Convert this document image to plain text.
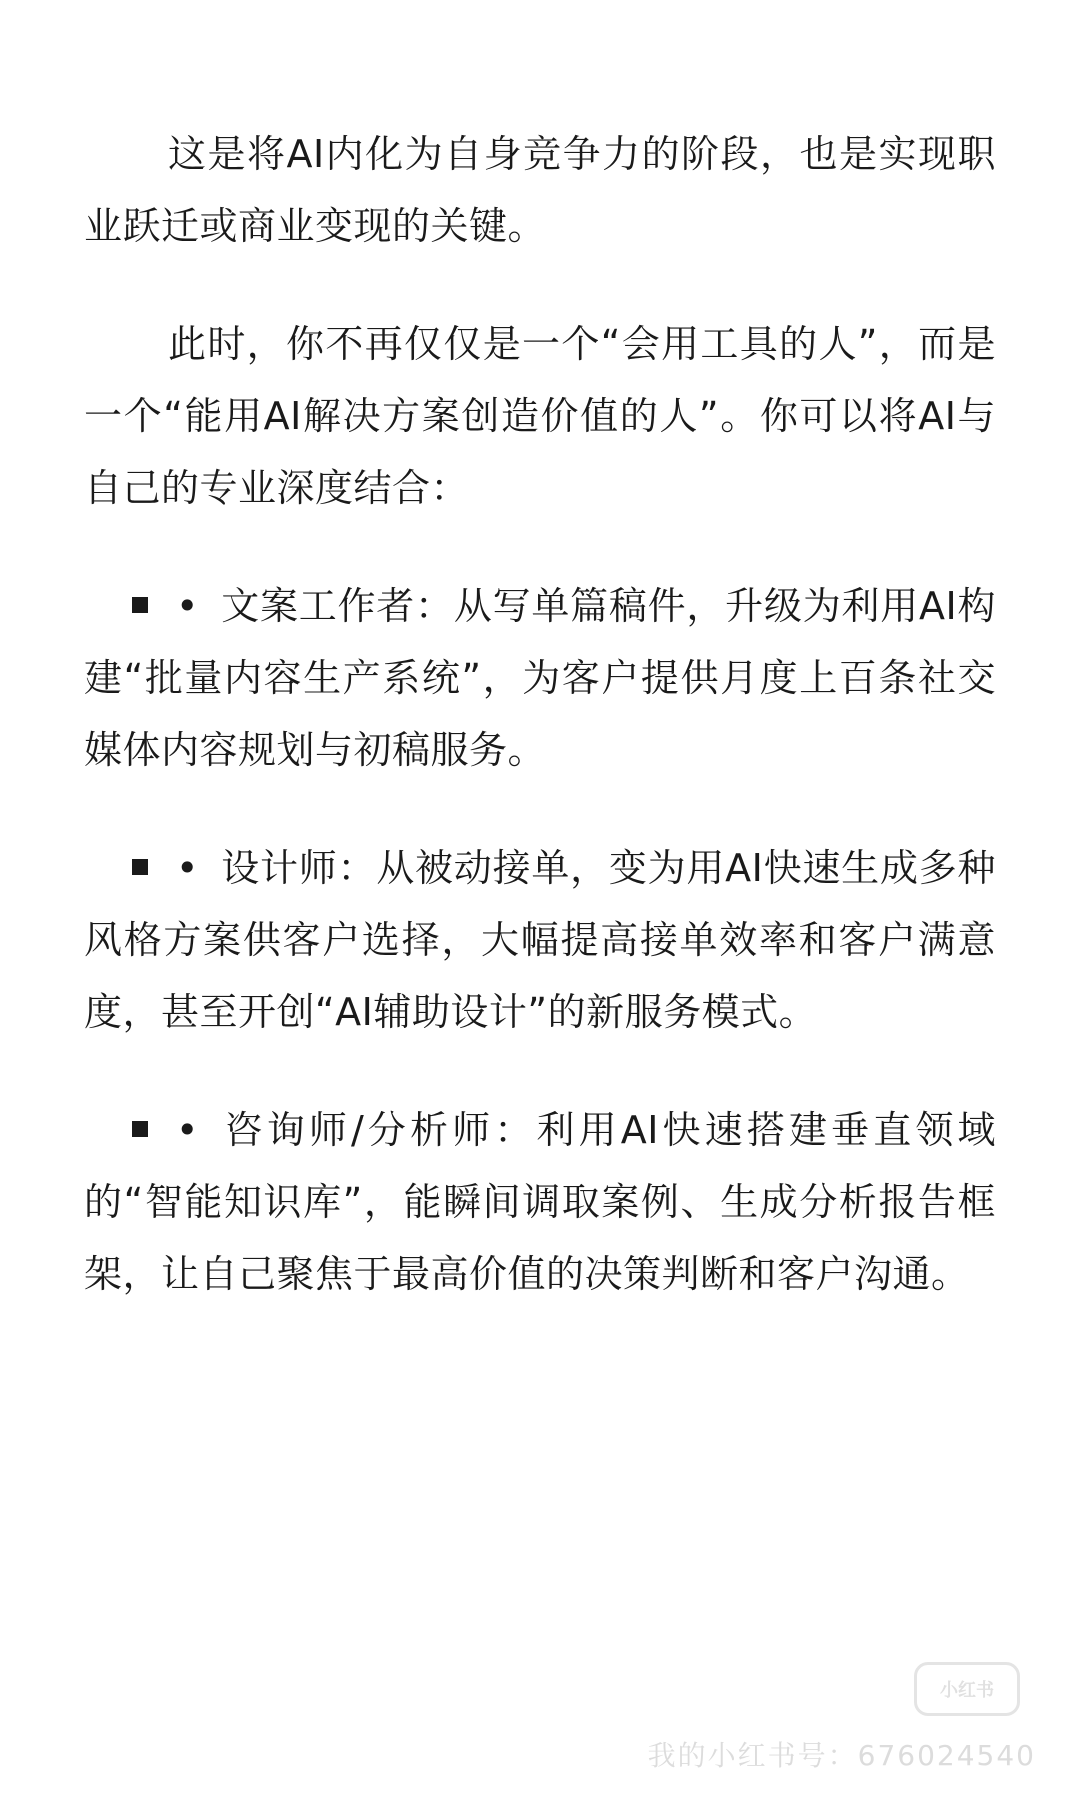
这是将AI内化为自身竞争力的阶段，也是实现职业跃迁或商业变现的关键。

此时，你不再仅仅是一个“会用工具的人”，而是一个“能用AI解决方案创造价值的人”。你可以将AI与自己的专业深度结合：

• 文案工作者：从写单篇稿件，升级为利用AI构建“批量内容生产系统”，为客户提供月度上百条社交媒体内容规划与初稿服务。

• 设计师：从被动接单，变为用AI快速生成多种风格方案供客户选择，大幅提高接单效率和客户满意度，甚至开创“AI辅助设计”的新服务模式。

• 咨询师/分析师：利用AI快速搭建垂直领域的“智能知识库”，能瞬间调取案例、生成分析报告框架，让自己聚焦于最高价值的决策判断和客户沟通。

小红书
我的小红书号：676024540
